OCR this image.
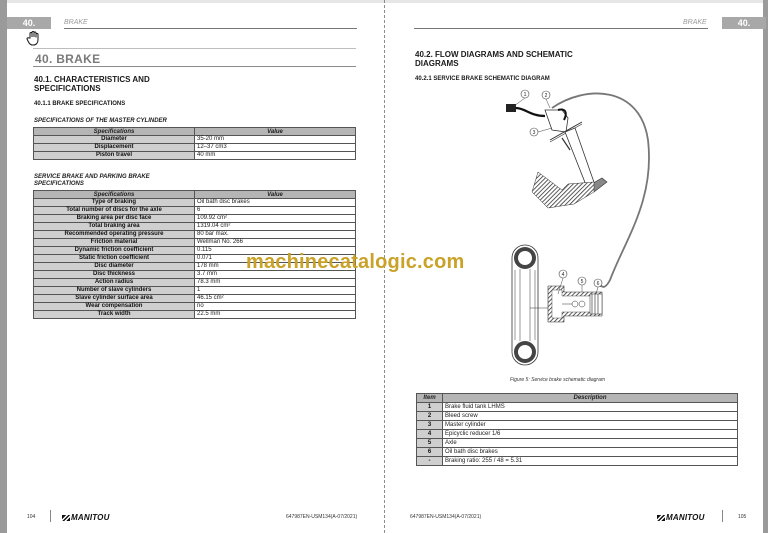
40.	BRAKE
40. BRAKE
40.1. CHARACTERISTICS AND
SPECIFICATIONS
40.1.1 BRAKE SPECIFICATIONS
SPECIFICATIONS OF THE MASTER CYLINDER
Specifications	Value
Diameter	35-20 mm
Displacement	12–37 cm3
Piston travel	40 mm
SERVICE BRAKE AND PARKING BRAKE
SPECIFICATIONS
Specifications	Value
Type of braking	Oil bath disc brakes
Total number of discs for the axle	6
Braking area per disc face	109.92 cm²
Total braking area	1319.04 cm²
Recommended operating pressure	80 bar max.
Friction material	Wellman No. 266
Dynamic friction coefficient	0.115
Static friction coefficient	0.071
Disc diameter	178 mm
Disc thickness	3.7 mm
Action radius	78.3 mm
Number of slave cylinders	1
Slave cylinder surface area	46.15 cm²
Wear compensation	no
Track width	22.5 mm
104	MANITOU	647987EN-USM134(A-07/2021)
BRAKE	40.
40.2. FLOW DIAGRAMS AND SCHEMATIC
DIAGRAMS
40.2.1 SERVICE BRAKE SCHEMATIC DIAGRAM
647987EN-USM134(A-07/2021)	MANITOU	105
1	2
3
4
5	6
Figure 5: Service brake schematic diagram
Item	Description
1	Brake fluid tank LHMS
2	Bleed screw
3	Master cylinder
4	Epicyclic reducer 1/6
5	Axle
6	Oil bath disc brakes
-	Braking ratio: 255 / 48 = 5.31
machinecatalogic.com
